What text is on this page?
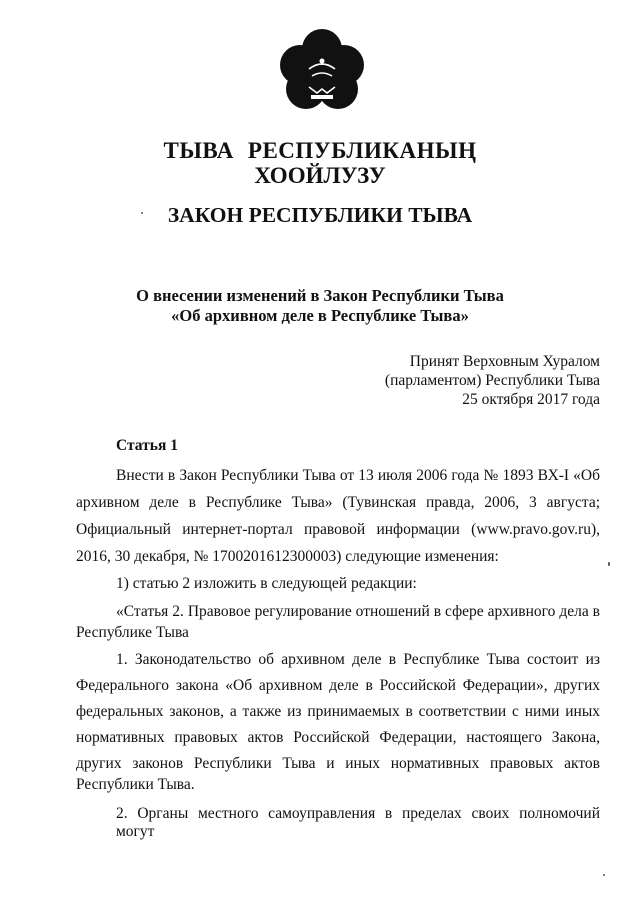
ТЫВА РЕСПУБЛИКАНЫҢ
ХООЙЛУЗУ
ЗАКОН РЕСПУБЛИКИ ТЫВА
О внесении изменений в Закон Республики Тыва
«Об архивном деле в Республике Тыва»
Принят Верховным Хуралом
(парламентом) Республики Тыва
25 октября 2017 года
Статья 1
Внести в Закон Республики Тыва от 13 июля 2006 года № 1893 ВХ-I «Об
архивном деле в Республике Тыва» (Тувинская правда, 2006, 3 августа;
Официальный интернет-портал правовой информации (www.pravo.gov.ru),
2016, 30 декабря, № 1700201612300003) следующие изменения:
1) статью 2 изложить в следующей редакции:
«Статья 2. Правовое регулирование отношений в сфере архивного дела в
Республике Тыва
1. Законодательство об архивном деле в Республике Тыва состоит из
Федерального закона «Об архивном деле в Российской Федерации», других
федеральных законов, а также из принимаемых в соответствии с ними иных
нормативных правовых актов Российской Федерации, настоящего Закона,
других законов Республики Тыва и иных нормативных правовых актов
Республики Тыва.
2. Органы местного самоуправления в пределах своих полномочий могут
